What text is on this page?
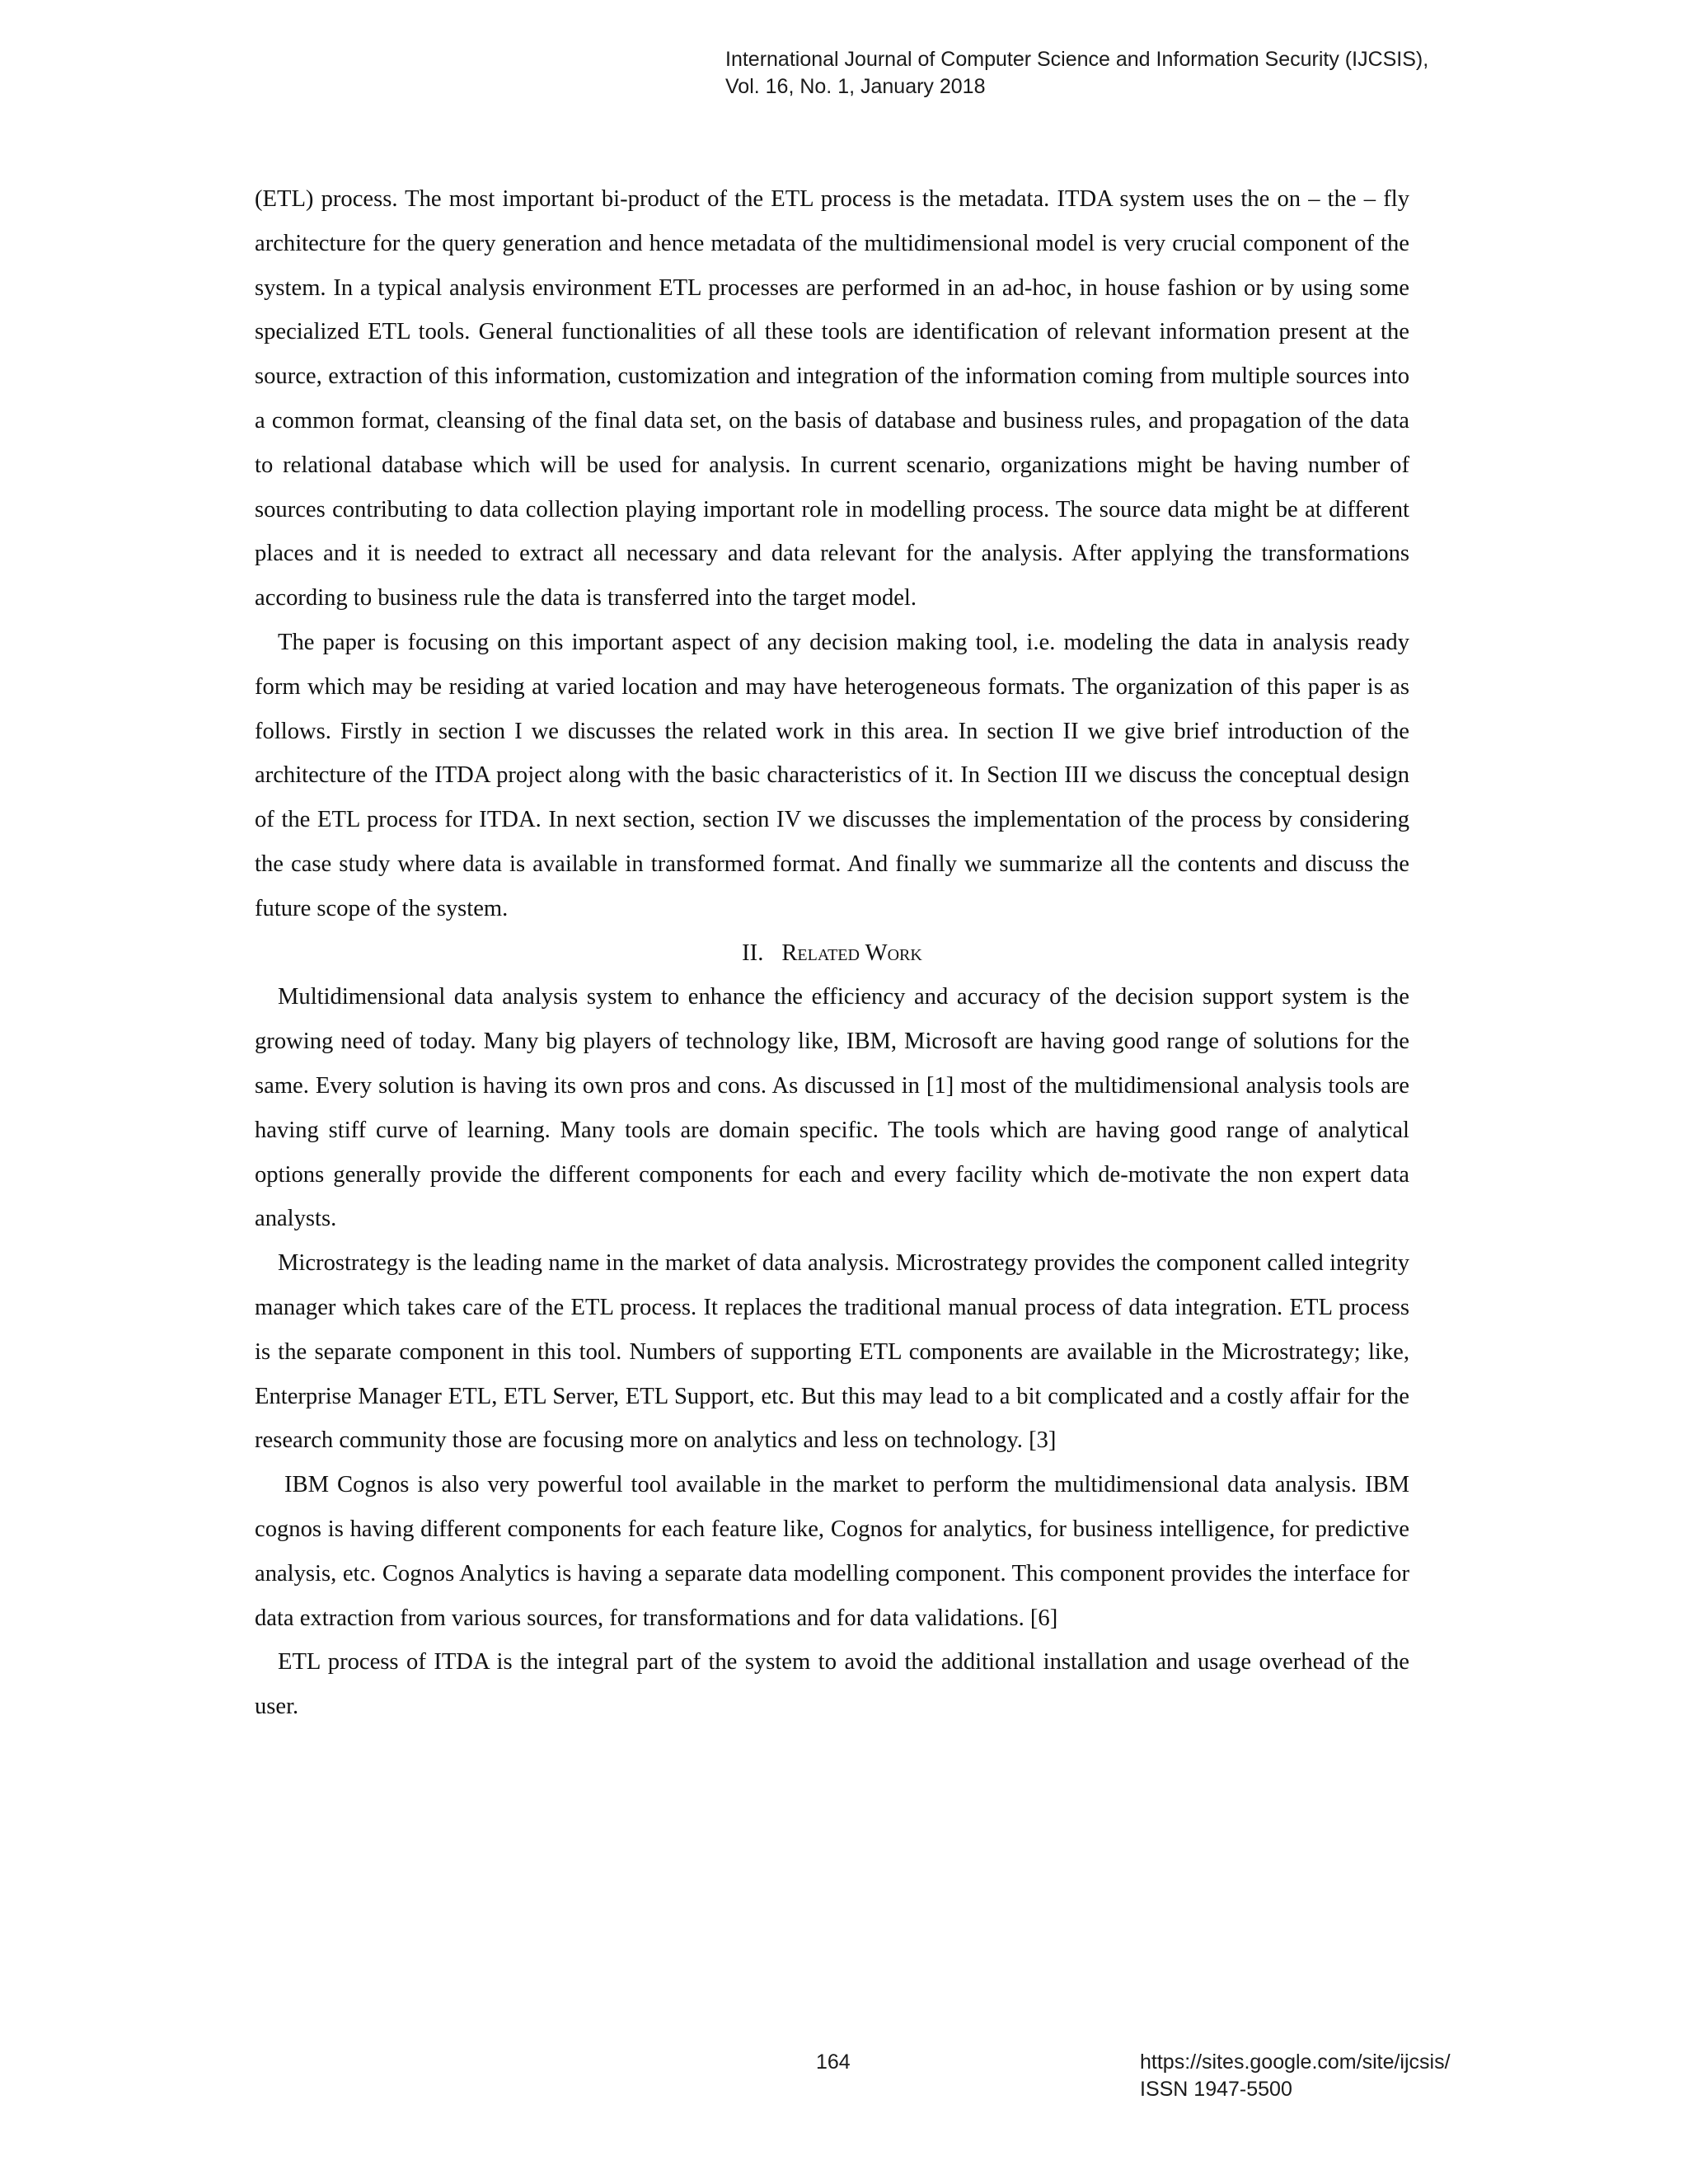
International Journal of Computer Science and Information Security (IJCSIS),
Vol. 16, No. 1, January 2018

(ETL) process. The most important bi-product of the ETL process is the metadata. ITDA system uses the on – the – fly architecture for the query generation and hence metadata of the multidimensional model is very crucial component of the system. In a typical analysis environment ETL processes are performed in an ad-hoc, in house fashion or by using some specialized ETL tools. General functionalities of all these tools are identification of relevant information present at the source, extraction of this information, customization and integration of the information coming from multiple sources into a common format, cleansing of the final data set, on the basis of database and business rules, and propagation of the data to relational database which will be used for analysis. In current scenario, organizations might be having number of sources contributing to data collection playing important role in modelling process. The source data might be at different places and it is needed to extract all necessary and data relevant for the analysis. After applying the transformations according to business rule the data is transferred into the target model.

The paper is focusing on this important aspect of any decision making tool, i.e. modeling the data in analysis ready form which may be residing at varied location and may have heterogeneous formats. The organization of this paper is as follows. Firstly in section I we discusses the related work in this area. In section II we give brief introduction of the architecture of the ITDA project along with the basic characteristics of it. In Section III we discuss the conceptual design of the ETL process for ITDA. In next section, section IV we discusses the implementation of the process by considering the case study where data is available in transformed format. And finally we summarize all the contents and discuss the future scope of the system.

II. Related Work

Multidimensional data analysis system to enhance the efficiency and accuracy of the decision support system is the growing need of today. Many big players of technology like, IBM, Microsoft are having good range of solutions for the same. Every solution is having its own pros and cons. As discussed in [1] most of the multidimensional analysis tools are having stiff curve of learning. Many tools are domain specific. The tools which are having good range of analytical options generally provide the different components for each and every facility which de-motivate the non expert data analysts.

Microstrategy is the leading name in the market of data analysis. Microstrategy provides the component called integrity manager which takes care of the ETL process. It replaces the traditional manual process of data integration. ETL process is the separate component in this tool. Numbers of supporting ETL components are available in the Microstrategy; like, Enterprise Manager ETL, ETL Server, ETL Support, etc. But this may lead to a bit complicated and a costly affair for the research community those are focusing more on analytics and less on technology. [3]

IBM Cognos is also very powerful tool available in the market to perform the multidimensional data analysis. IBM cognos is having different components for each feature like, Cognos for analytics, for business intelligence, for predictive analysis, etc. Cognos Analytics is having a separate data modelling component. This component provides the interface for data extraction from various sources, for transformations and for data validations. [6]

ETL process of ITDA is the integral part of the system to avoid the additional installation and usage overhead of the user.

164	https://sites.google.com/site/ijcsis/
ISSN 1947-5500
